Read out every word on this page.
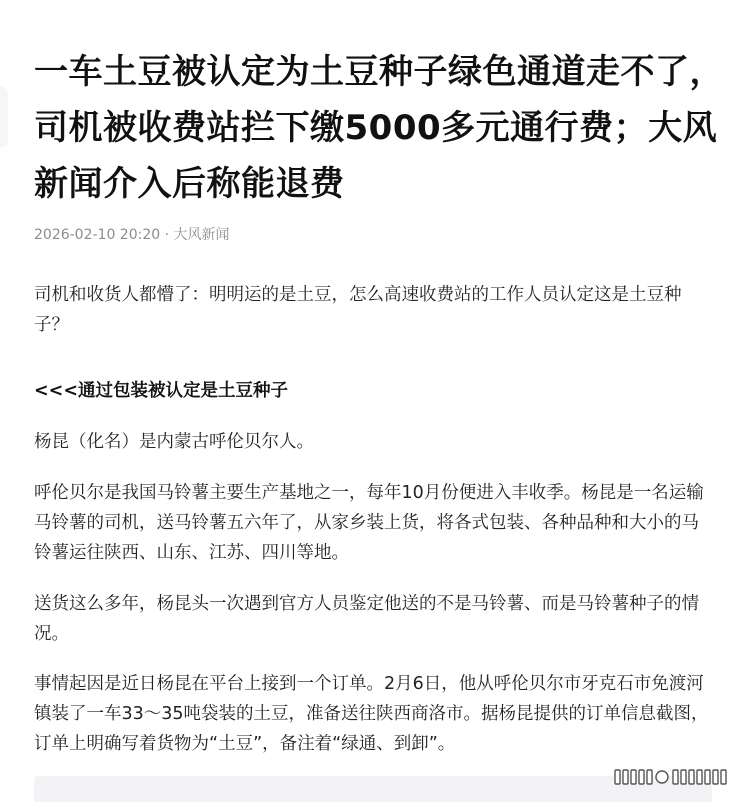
一车土豆被认定为土豆种子绿色通道走不了，司机被收费站拦下缴5000多元通行费；大风新闻介入后称能退费
2026-02-10 20:20 · 大风新闻

司机和收货人都懵了：明明运的是土豆，怎么高速收费站的工作人员认定这是土豆种子？

<<<通过包装被认定是土豆种子

杨昆（化名）是内蒙古呼伦贝尔人。

呼伦贝尔是我国马铃薯主要生产基地之一，每年10月份便进入丰收季。杨昆是一名运输马铃薯的司机，送马铃薯五六年了，从家乡装上货，将各式包装、各种品种和大小的马铃薯运往陕西、山东、江苏、四川等地。

送货这么多年，杨昆头一次遇到官方人员鉴定他送的不是马铃薯、而是马铃薯种子的情况。

事情起因是近日杨昆在平台上接到一个订单。2月6日，他从呼伦贝尔市牙克石市免渡河镇装了一车33～35吨袋装的土豆，准备送往陕西商洛市。据杨昆提供的订单信息截图，订单上明确写着货物为“土豆”，备注着“绿通、到卸”。
